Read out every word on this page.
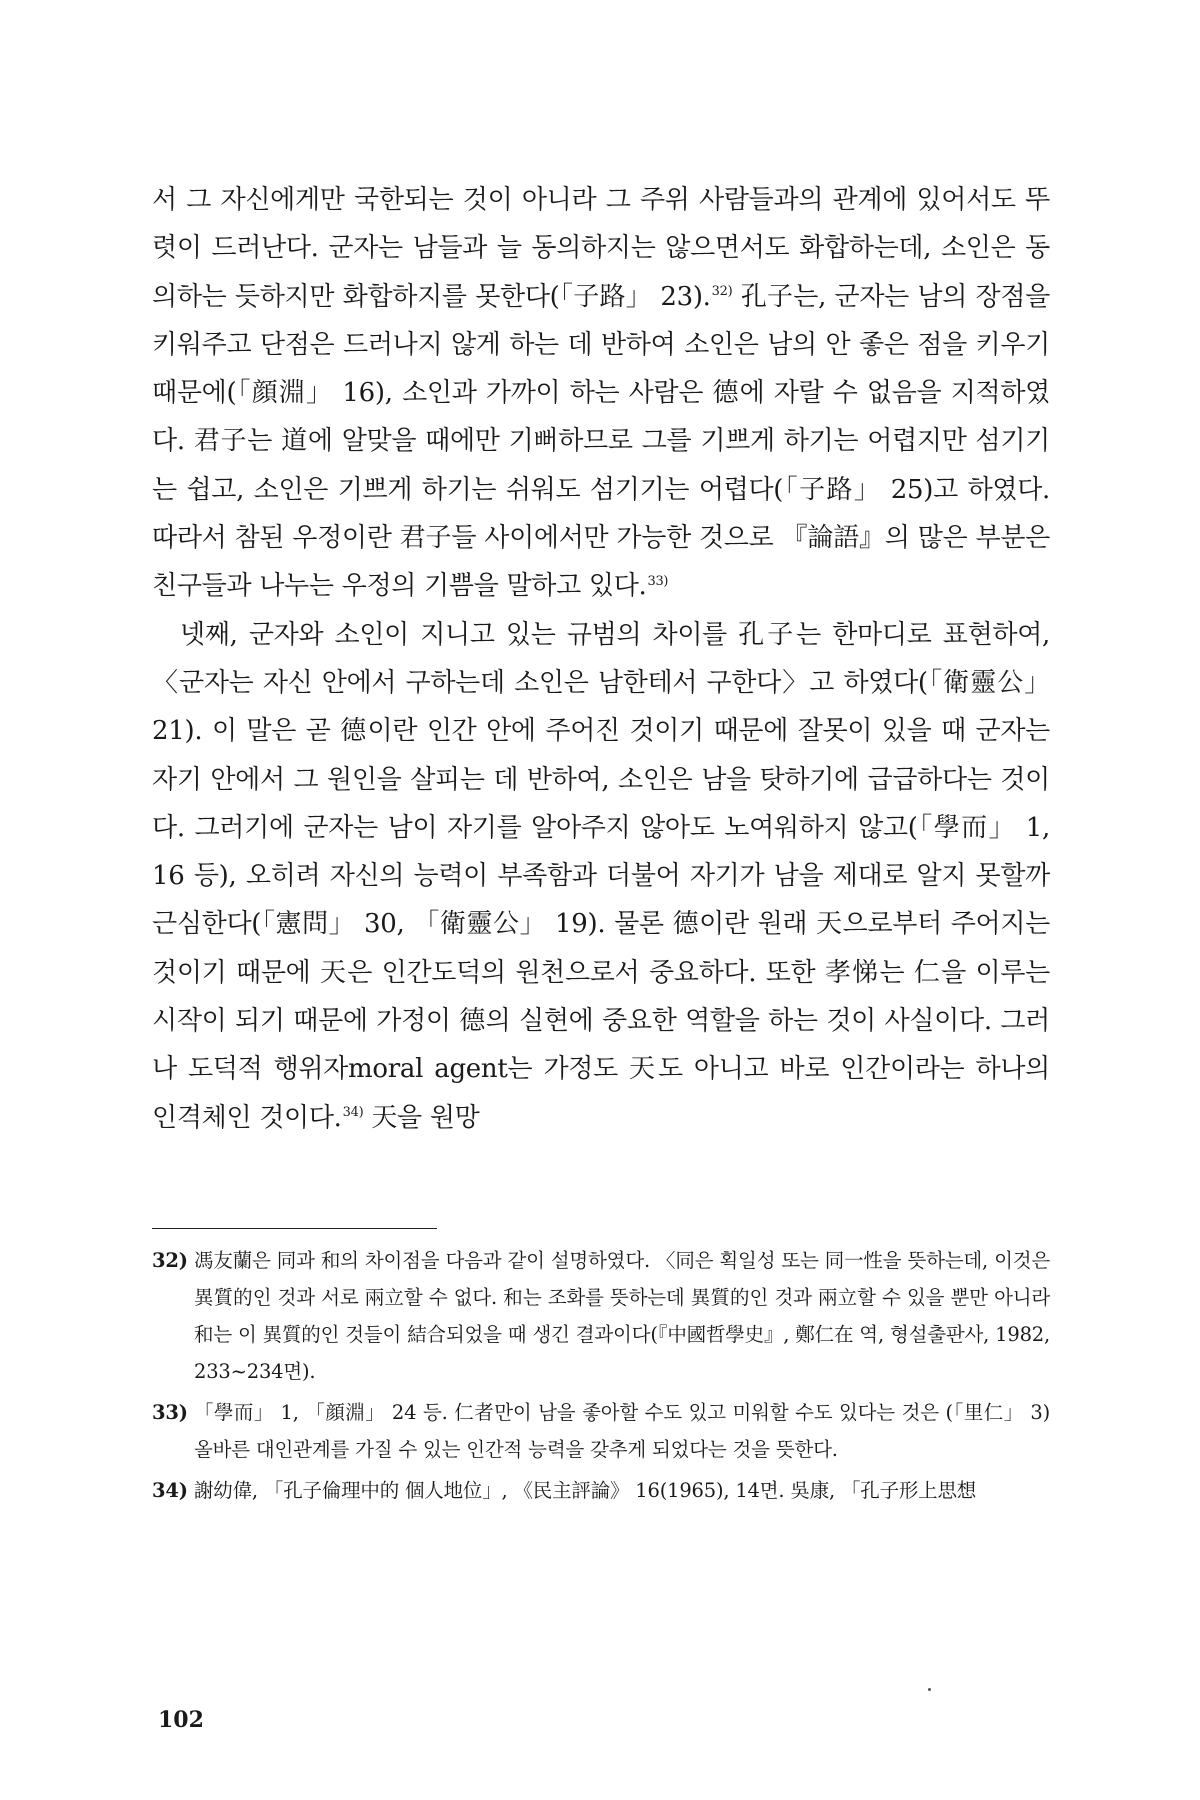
서 그 자신에게만 국한되는 것이 아니라 그 주위 사람들과의 관계에 있어서도 뚜렷이 드러난다. 군자는 남들과 늘 동의하지는 않으면서도 화합하는데, 소인은 동의하는 듯하지만 화합하지를 못한다(「子路」 23).$^{32)}$ 孔子는, 군자는 남의 장점을 키워주고 단점은 드러나지 않게 하는 데 반하여 소인은 남의 안 좋은 점을 키우기 때문에(「顔淵」 16), 소인과 가까이 하는 사람은 德에 자랄 수 없음을 지적하였다. 君子는 道에 알맞을 때에만 기뻐하므로 그를 기쁘게 하기는 어렵지만 섬기기는 쉽고, 소인은 기쁘게 하기는 쉬워도 섬기기는 어렵다(「子路」 25)고 하였다. 따라서 참된 우정이란 君子들 사이에서만 가능한 것으로 『論語』의 많은 부분은 친구들과 나누는 우정의 기쁨을 말하고 있다.$^{33)}$

넷째, 군자와 소인이 지니고 있는 규범의 차이를 孔子는 한마디로 표현하여, 〈군자는 자신 안에서 구하는데 소인은 남한테서 구한다〉고 하였다(「衛靈公」 21). 이 말은 곧 德이란 인간 안에 주어진 것이기 때문에 잘못이 있을 때 군자는 자기 안에서 그 원인을 살피는 데 반하여, 소인은 남을 탓하기에 급급하다는 것이다. 그러기에 군자는 남이 자기를 알아주지 않아도 노여워하지 않고(「學而」 1, 16 등), 오히려 자신의 능력이 부족함과 더불어 자기가 남을 제대로 알지 못할까 근심한다(「憲問」 30, 「衛靈公」 19). 물론 德이란 원래 天으로부터 주어지는 것이기 때문에 天은 인간도덕의 원천으로서 중요하다. 또한 孝悌는 仁을 이루는 시작이 되기 때문에 가정이 德의 실현에 중요한 역할을 하는 것이 사실이다. 그러나 도덕적 행위자moral agent는 가정도 天도 아니고 바로 인간이라는 하나의 인격체인 것이다.$^{34)}$ 天을 원망

32) 馮友蘭은 同과 和의 차이점을 다음과 같이 설명하였다. 〈同은 획일성 또는 同一性을 뜻하는데, 이것은 異質的인 것과 서로 兩立할 수 없다. 和는 조화를 뜻하는데 異質的인 것과 兩立할 수 있을 뿐만 아니라 和는 이 異質的인 것들이 結合되었을 때 생긴 결과이다(『中國哲學史』, 鄭仁在 역, 형설출판사, 1982, 233~234면).
33) 「學而」 1, 「顔淵」 24 등. 仁者만이 남을 좋아할 수도 있고 미워할 수도 있다는 것은 (「里仁」 3) 올바른 대인관계를 가질 수 있는 인간적 능력을 갖추게 되었다는 것을 뜻한다.
34) 謝幼偉, 「孔子倫理中的 個人地位」, 《民主評論》 16(1965), 14면. 吳康, 「孔子形上思想
102
